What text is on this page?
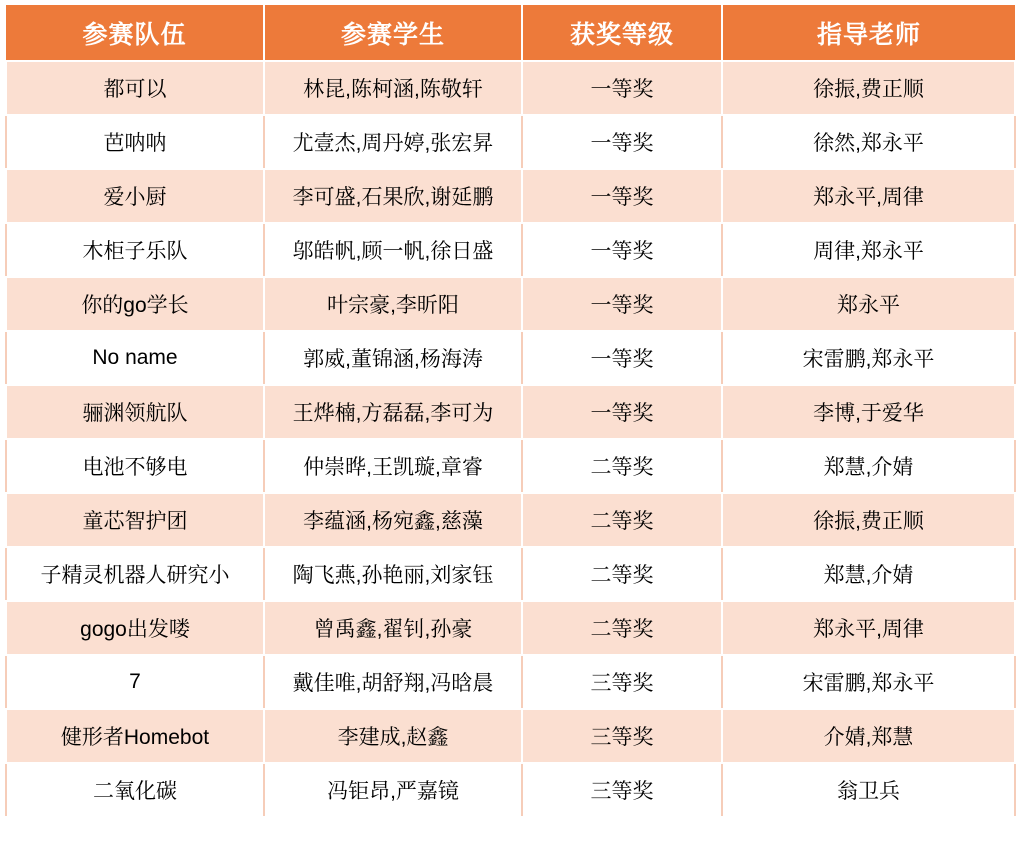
参赛队伍	参赛学生	获奖等级	指导老师
都可以	林昆,陈柯涵,陈敬轩	一等奖	徐振,费正顺
芭呐呐	尤壹杰,周丹婷,张宏昇	一等奖	徐然,郑永平
爱小厨	李可盛,石果欣,谢延鹏	一等奖	郑永平,周律
木柜子乐队	邬皓帆,顾一帆,徐日盛	一等奖	周律,郑永平
你的go学长	叶宗豪,李昕阳	一等奖	郑永平
No name	郭威,董锦涵,杨海涛	一等奖	宋雷鹏,郑永平
骊渊领航队	王烨楠,方磊磊,李可为	一等奖	李博,于爱华
电池不够电	仲崇晔,王凯璇,章睿	二等奖	郑慧,介婧
童芯智护团	李蕴涵,杨宛鑫,慈藻	二等奖	徐振,费正顺
子精灵机器人研究小	陶飞燕,孙艳丽,刘家钰	二等奖	郑慧,介婧
gogo出发喽	曾禹鑫,翟钊,孙豪	二等奖	郑永平,周律
7	戴佳唯,胡舒翔,冯晗晨	三等奖	宋雷鹏,郑永平
健形者Homebot	李建成,赵鑫	三等奖	介婧,郑慧
二氧化碳	冯钜昂,严嘉镜	三等奖	翁卫兵
